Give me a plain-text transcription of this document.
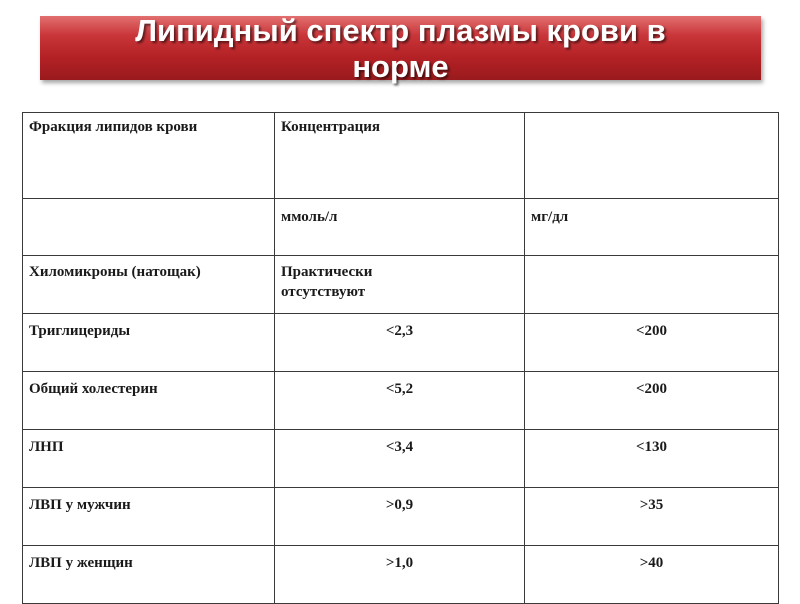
Липидный спектр плазмы крови в
норме
Фракция липидов крови	Концентрация	
	ммоль/л	мг/дл
Хиломикроны (натощак)	Практически
отсутствуют	

Триглицериды	<2,3	<200
Общий холестерин	<5,2	<200
ЛНП	<3,4	<130
ЛВП у мужчин	>0,9	>35
ЛВП у женщин	>1,0	>40
